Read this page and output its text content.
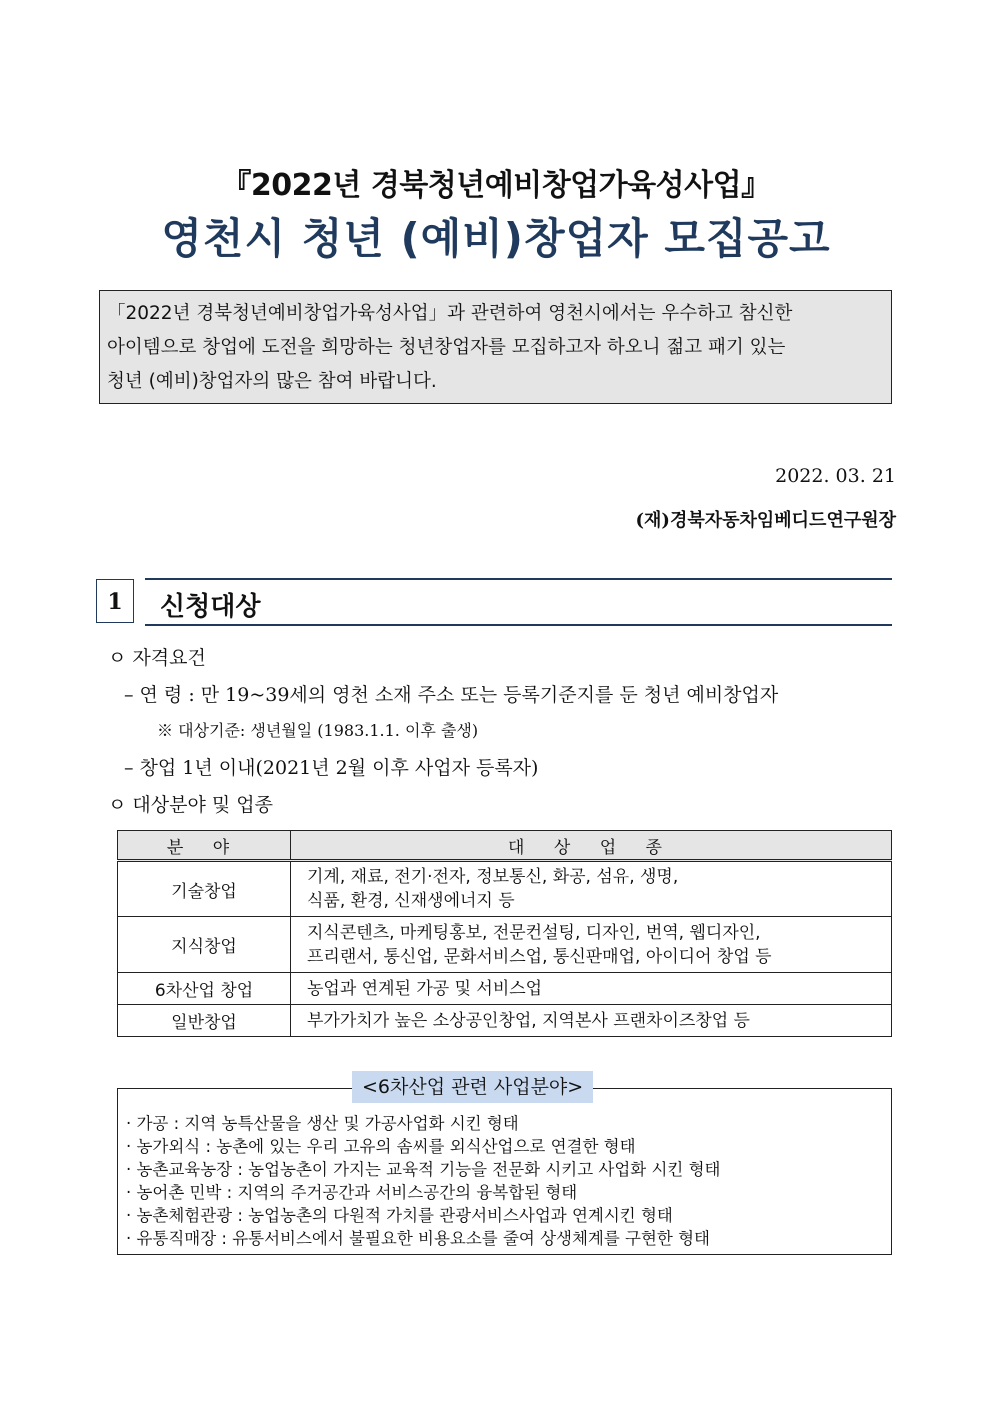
『2022년 경북청년예비창업가육성사업』
영천시 청년 (예비)창업자 모집공고
「2022년 경북청년예비창업가육성사업」과 관련하여 영천시에서는 우수하고 참신한
아이템으로 창업에 도전을 희망하는 청년창업자를 모집하고자 하오니 젊고 패기 있는
청년 (예비)창업자의 많은 참여 바랍니다.
2022. 03. 21
(재)경북자동차임베디드연구원장
1	신청대상
ㅇ 자격요건
– 연 령 : 만 19~39세의 영천 소재 주소 또는 등록기준지를 둔 청년 예비창업자
※ 대상기준: 생년월일 (1983.1.1. 이후 출생)
– 창업 1년 이내(2021년 2월 이후 사업자 등록자)
ㅇ 대상분야 및 업종
분 야	대 상 업 종
기술창업	기계, 재료, 전기·전자, 정보통신, 화공, 섬유, 생명,
식품, 환경, 신재생에너지 등

지식창업	지식콘텐츠, 마케팅홍보, 전문컨설팅, 디자인, 번역, 웹디자인,
프리랜서, 통신업, 문화서비스업, 통신판매업, 아이디어 창업 등

6차산업 창업	농업과 연계된 가공 및 서비스업
일반창업	부가가치가 높은 소상공인창업, 지역본사 프랜차이즈창업 등
<6차산업 관련 사업분야>
· 가공 : 지역 농특산물을 생산 및 가공사업화 시킨 형태
· 농가외식 : 농촌에 있는 우리 고유의 솜씨를 외식산업으로 연결한 형태
· 농촌교육농장 : 농업농촌이 가지는 교육적 기능을 전문화 시키고 사업화 시킨 형태
· 농어촌 민박 : 지역의 주거공간과 서비스공간의 융복합된 형태
· 농촌체험관광 : 농업농촌의 다원적 가치를 관광서비스사업과 연계시킨 형태
· 유통직매장 : 유통서비스에서 불필요한 비용요소를 줄여 상생체계를 구현한 형태
